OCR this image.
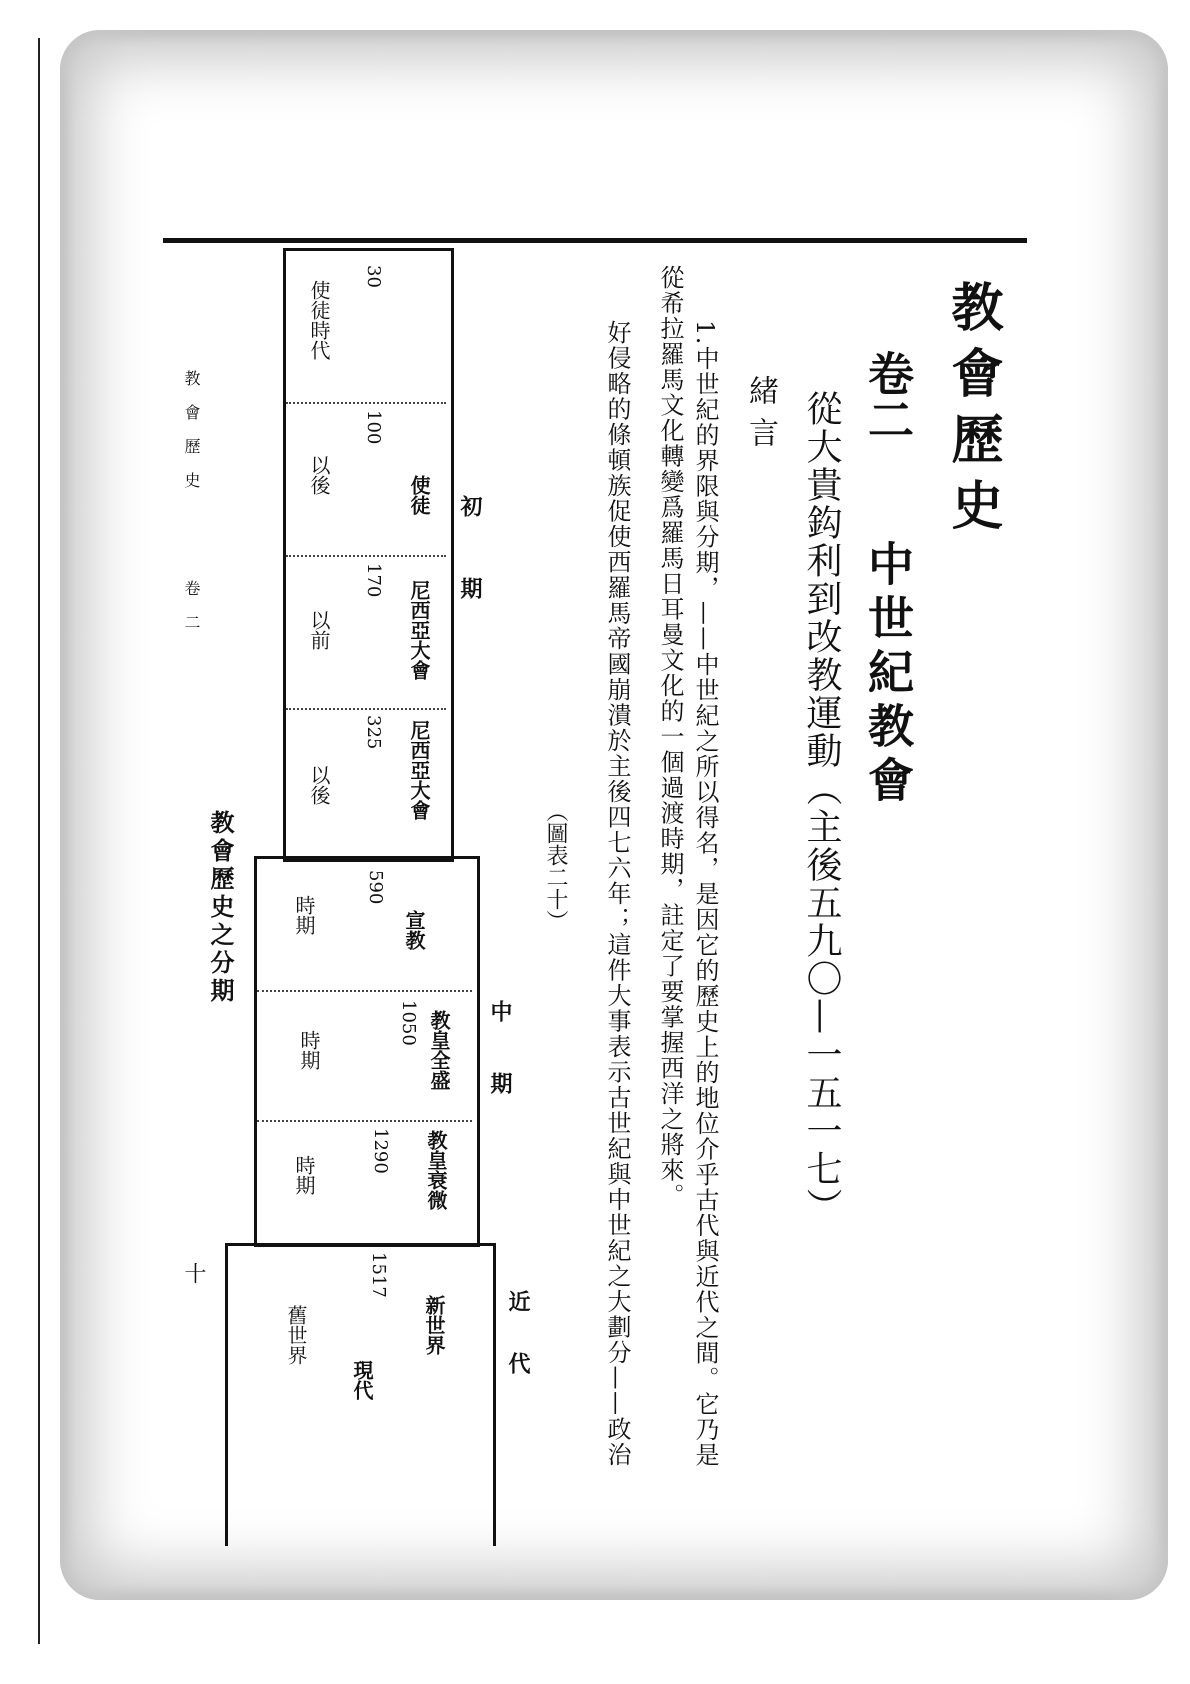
教會歷史
卷二
中世紀教會
從大貴鈎利到改教運動（主後五九〇—一五一七）
緒言
1.中世紀的界限與分期，——中世紀之所以得名，是因它的歷史上的地位介乎古代與近代之間。它乃是
從希拉羅馬文化轉變爲羅馬日耳曼文化的一個過渡時期，註定了要掌握西洋之將來。
好侵略的條頓族促使西羅馬帝國崩潰於主後四七六年；這件大事表示古世紀與中世紀之大劃分——政治
（圖表二十）
初期
中期
近代
現代
30
使徒時代
使徒
100
以後
尼西亞大會
170
以前
尼西亞大會
325
以後
宣教
590
時期
教皇全盛
1050
時期
教皇衰微
1290
時期
新世界
1517
舊世界
教會歷史
卷二
十
教會歷史之分期
